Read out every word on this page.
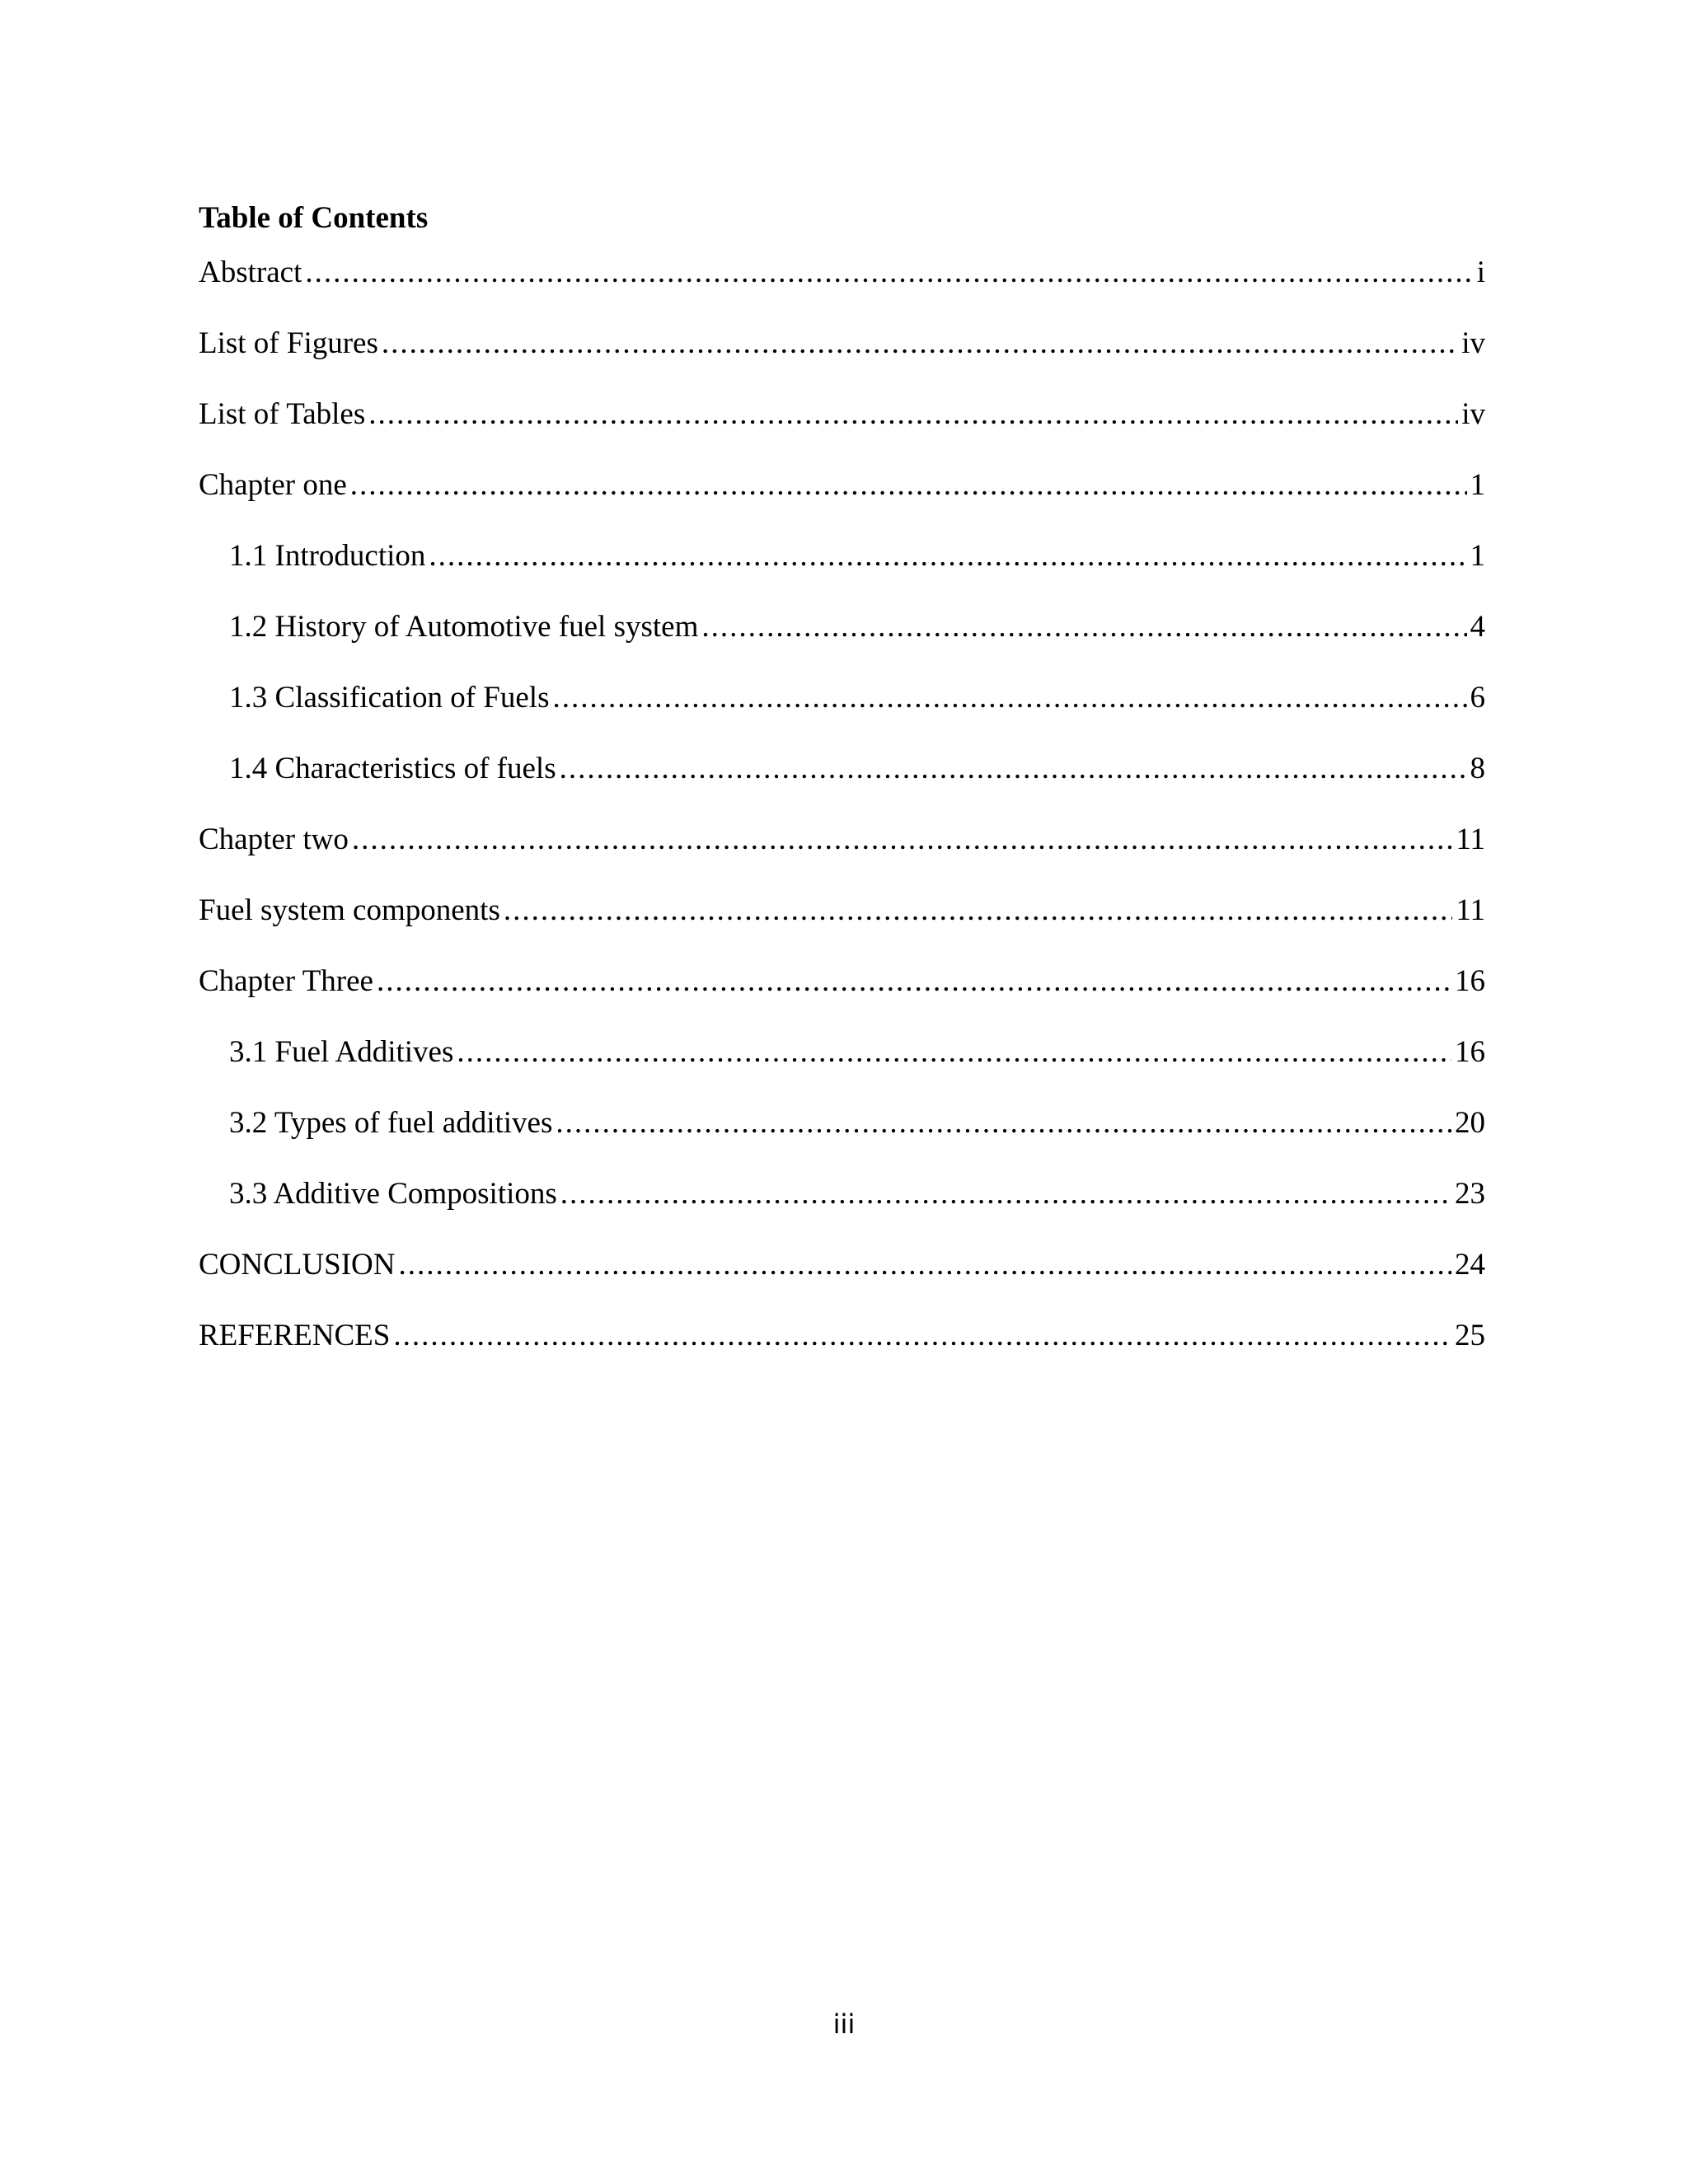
Table of Contents
Abstract .....	i
List of Figures .....	iv
List of Tables .....	iv
Chapter one .....	1
1.1 Introduction .....	1
1.2 History of Automotive fuel system .....	4
1.3 Classification of Fuels .....	6
1.4 Characteristics of fuels .....	8
Chapter two .....	11
Fuel system components .....	11
Chapter Three .....	16
3.1 Fuel Additives .....	16
3.2 Types of fuel additives .....	20
3.3 Additive Compositions .....	23
CONCLUSION .....	24
REFERENCES .....	25
iii
